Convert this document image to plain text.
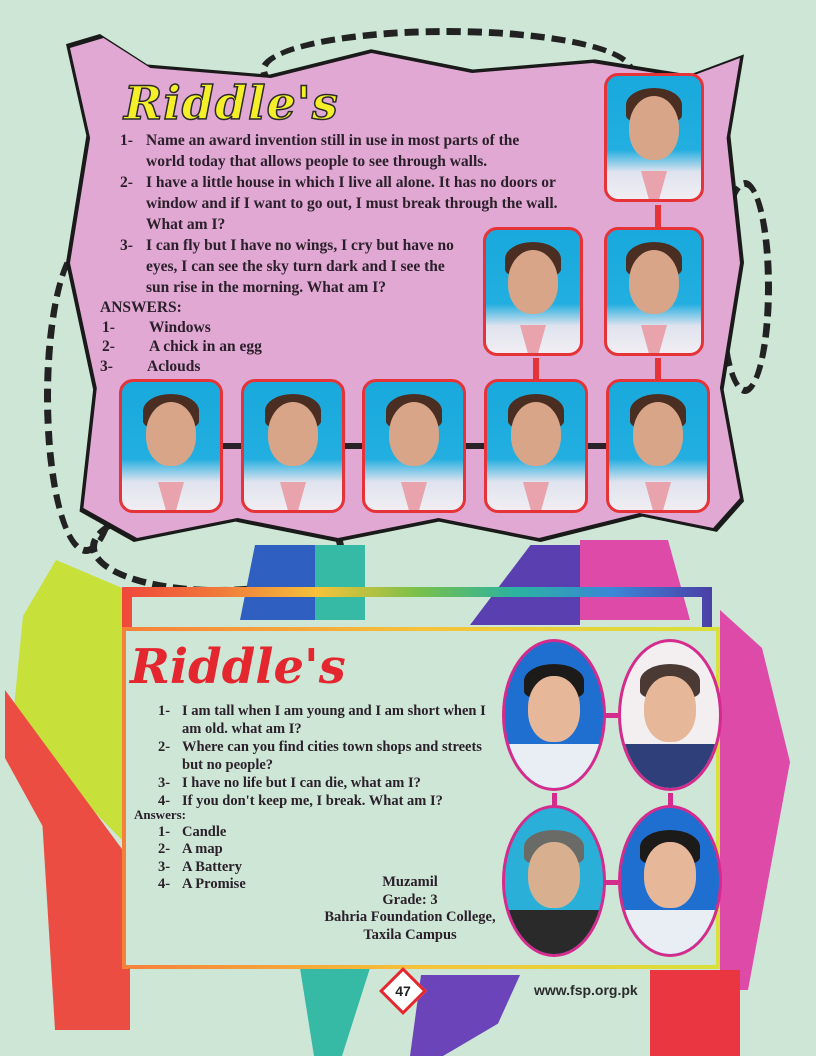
Riddle's
1- Name an award invention still in use in most parts of the world today that allows people to see through walls.
2- I have a little house in which I live all alone. It has no doors or window and if I want to go out, I must break through the wall. What am I?
3- I can fly but I have no wings, I cry but have no eyes, I can see the sky turn dark and I see the sun rise in the morning. What am I?
ANSWERS:
1-	Windows
2-	A chick in an egg
3-	Aclouds
Riddle's
1- I am tall when I am young and I am short when I am old. what am I?
2- Where can you find cities town shops and streets but no people?
3- I have no life but I can die, what am I?
4- If you don't keep me, I break. What am I?
Answers:
1- Candle
2- A map
3- A Battery
4- A Promise	Muzamil
Grade: 3
Bahria Foundation College,
Taxila Campus
47	www.fsp.org.pk
